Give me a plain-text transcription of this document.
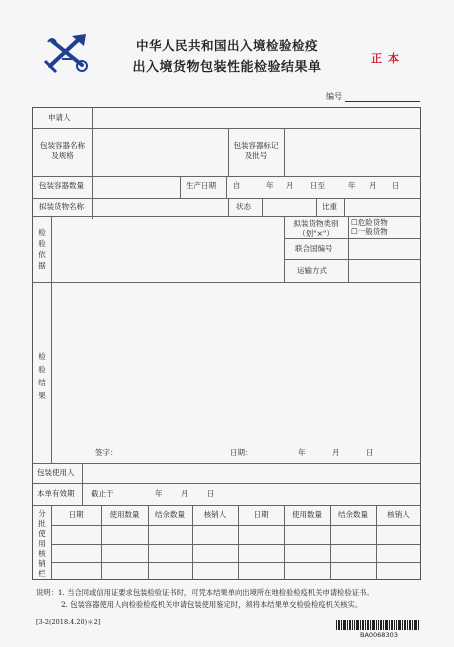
中华人民共和国出入境检验检疫
出入境货物包装性能检验结果单
正本
编号
申请人
包装容器名称及规格
包装容器标记及批号
包装容器数量	生产日期 自	年 月 日至	年 月 日
拟装货物名称	状态	比重
检验依据
拟装货物类别（划"×"）
☐危险货物
☐一般货物
联合国编号
运输方式
检验结果
签字：	日期：	年	月	日
包装使用人
本单有效期 截止于	年 月 日
分批使用核销栏
日期	使用数量	结余数量	核销人	日期	使用数量	结余数量	核销人
说明：1. 当合同或信用证要求包装检验证书时，可凭本结果单向出境所在地检验检疫机关申请检验证书。
2. 包装容器使用人向检验检疫机关申请包装使用鉴定时，须将本结果单交检验检疫机关核实。
[3-2(2018.4.20)＊2]
BA0068303
